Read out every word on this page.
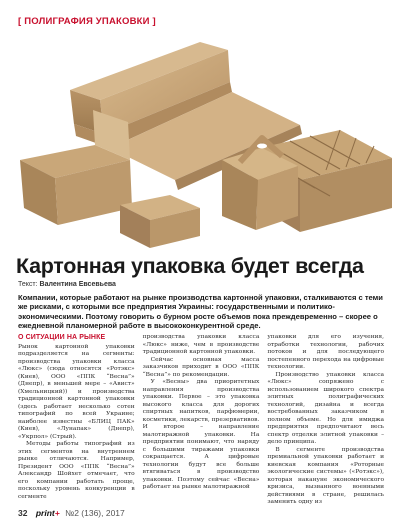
[ ПОЛИГРАФИЯ УПАКОВКИ ]
Картонная упаковка будет всегда
Текст: Валентина Евсевьева
Компании, которые работают на рынке производства картонной упаковки, сталкиваются с теми же рисками, с которыми все предприятия Украины: государственными и политико-экономическими. Поэтому говорить о бурном росте объемов пока преждевременно – скорее о ежедневной планомерной работе в высококонкурентной среде.
О СИТУАЦИИ НА РЫНКЕ

Рынок картонной упаковки подразделяется на сегменты: производства упаковки класса «Люкс» (сюда относятся «Ротэкс» (Киев), ООО «ППК “Весна”» (Днепр), в меньшей мере – «Авист» (Хмельницкий)) и производства традиционной картонной упаковки (здесь работает несколько сотен типографий по всей Украине; наиболее известны «БЛИЦ ПАК» (Киев), «Лунапак» (Днепр), «Укрпол» (Стрый).

Методы работы типографий из этих сегментов на внутреннем рынке отличаются. Например, Президент ООО «ППК “Весна”» Александр Шойхет отмечает, что его компании работать проще, поскольку уровень конкуренции в сегменте

производства упаковки класса «Люкс» ниже, чем в производстве традиционной картонной упаковки.

Сейчас основная масса заказчиков приходит в ООО «ППК “Весна”» по рекомендации.

У «Весны» два приоритетных направления производства упаковки. Первое – это упаковка высокого класса для дорогих спиртных напитков, парфюмерии, косметики, лекарств, презервативов. И второе – направление малотиражной упаковки. На предприятии понимают, что наряду с большими тиражами упаковки сокращается. А цифровые технологии будут все больше втягиваться в производство упаковки. Поэтому сейчас «Весна» работает на рынке малотиражной

упаковки для его изучения, отработки технологии, рабочих потоков и для последующего постепенного перехода на цифровые технологии.

Производство упаковки класса «Люкс» сопряжено с использованием широкого спектра элитных полиграфических технологий, дизайна и всегда востребованных заказчиком в полном объеме. Но для имиджа предприятия предпочитают весь спектр отделки элитной упаковки – дело принципа.

В сегменте производства премиальной упаковки работает и киевская компания «Роторные экологические системы» («Ротэкс»), которая накануне экономического кризиса, вызванного военными действиями в стране, решилась заменить одну из

32 print+ №2 (136), 2017
